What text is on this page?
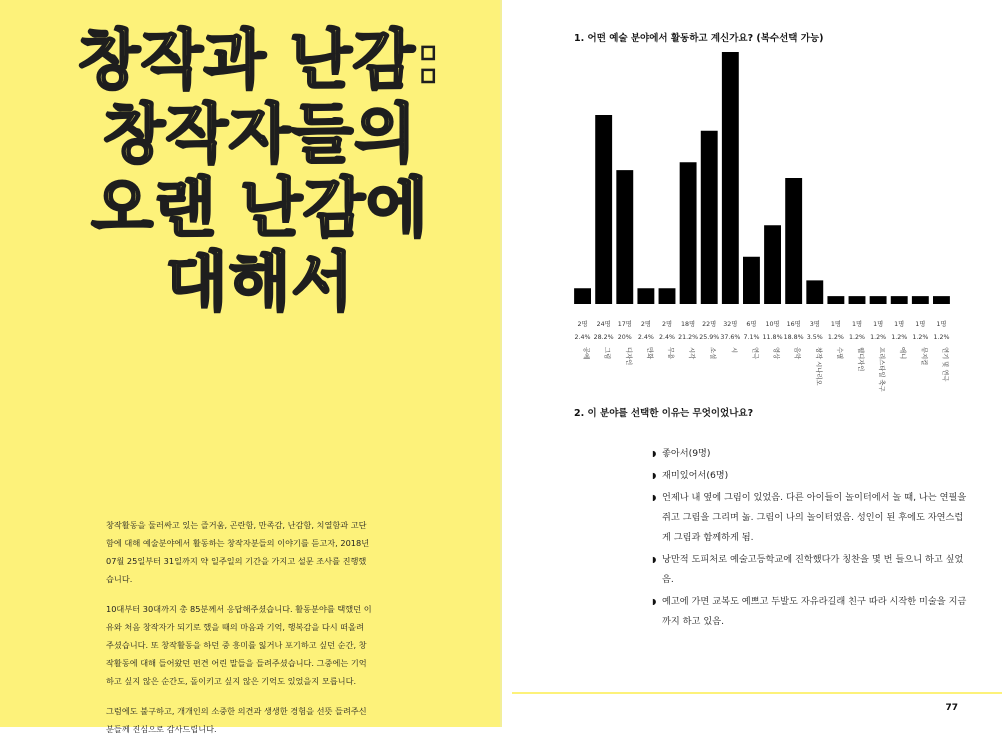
창작과 난감:
창작자들의
오랜 난감에
대해서

창작활동을 둘러싸고 있는 즐거움, 곤란함, 만족감, 난감함, 치열함과 고단함에 대해 예술분야에서 활동하는 창작자분들의 이야기를 듣고자, 2018년 07월 25일부터 31일까지 약 일주일의 기간을 가지고 설문 조사를 진행했습니다.

10대부터 30대까지 총 85분께서 응답해주셨습니다. 활동분야를 택했던 이유와 처음 창작자가 되기로 했을 때의 마음과 기억, 행복감을 다시 떠올려 주셨습니다. 또 창작활동을 하던 중 흥미를 잃거나 포기하고 싶던 순간, 창작활동에 대해 들어왔던 편견 어린 말들을 들려주셨습니다. 그중에는 기억하고 싶지 않은 순간도, 돌이키고 싶지 않은 기억도 있었을지 모릅니다.

그럼에도 불구하고, 개개인의 소중한 의견과 생생한 경험을 선뜻 들려주신 분들께 진심으로 감사드립니다.

1. 어떤 예술 분야에서 활동하고 계신가요? (복수선택 가능)
2명
2.4%
공예
24명
28.2%
그림
17명
20%
디자인
2명
2.4%
만화
2명
2.4%
무용
18명
21.2%
시각
22명
25.9%
소설
32명
37.6%
시
6명
7.1%
연극
10명
11.8%
영상
16명
18.8%
음악
3명
3.5%
창작 시나리오
1명
1.2%
수필
1명
1.2%
웹디자인
1명
1.2%
프리스타일 축구
1명
1.2%
애니
1명
1.2%
뮤지컬
1명
1.2%
연기 및 연극
2. 이 분야를 선택한 이유는 무엇이었나요?
◗ 좋아서(9명)
◗ 재미있어서(6명)
◗ 언제나 내 옆에 그림이 있었음. 다른 아이들이 놀이터에서 놀 때, 나는 연필을 쥐고 그림을 그리며 놂. 그림이 나의 놀이터였음. 성인이 된 후에도 자연스럽게 그림과 함께하게 됨.
◗ 낭만적 도피처로 예술고등학교에 진학했다가 칭찬을 몇 번 들으니 하고 싶었음.
◗ 예고에 가면 교복도 예쁘고 두발도 자유라길래 친구 따라 시작한 미술을 지금까지 하고 있음.
77
